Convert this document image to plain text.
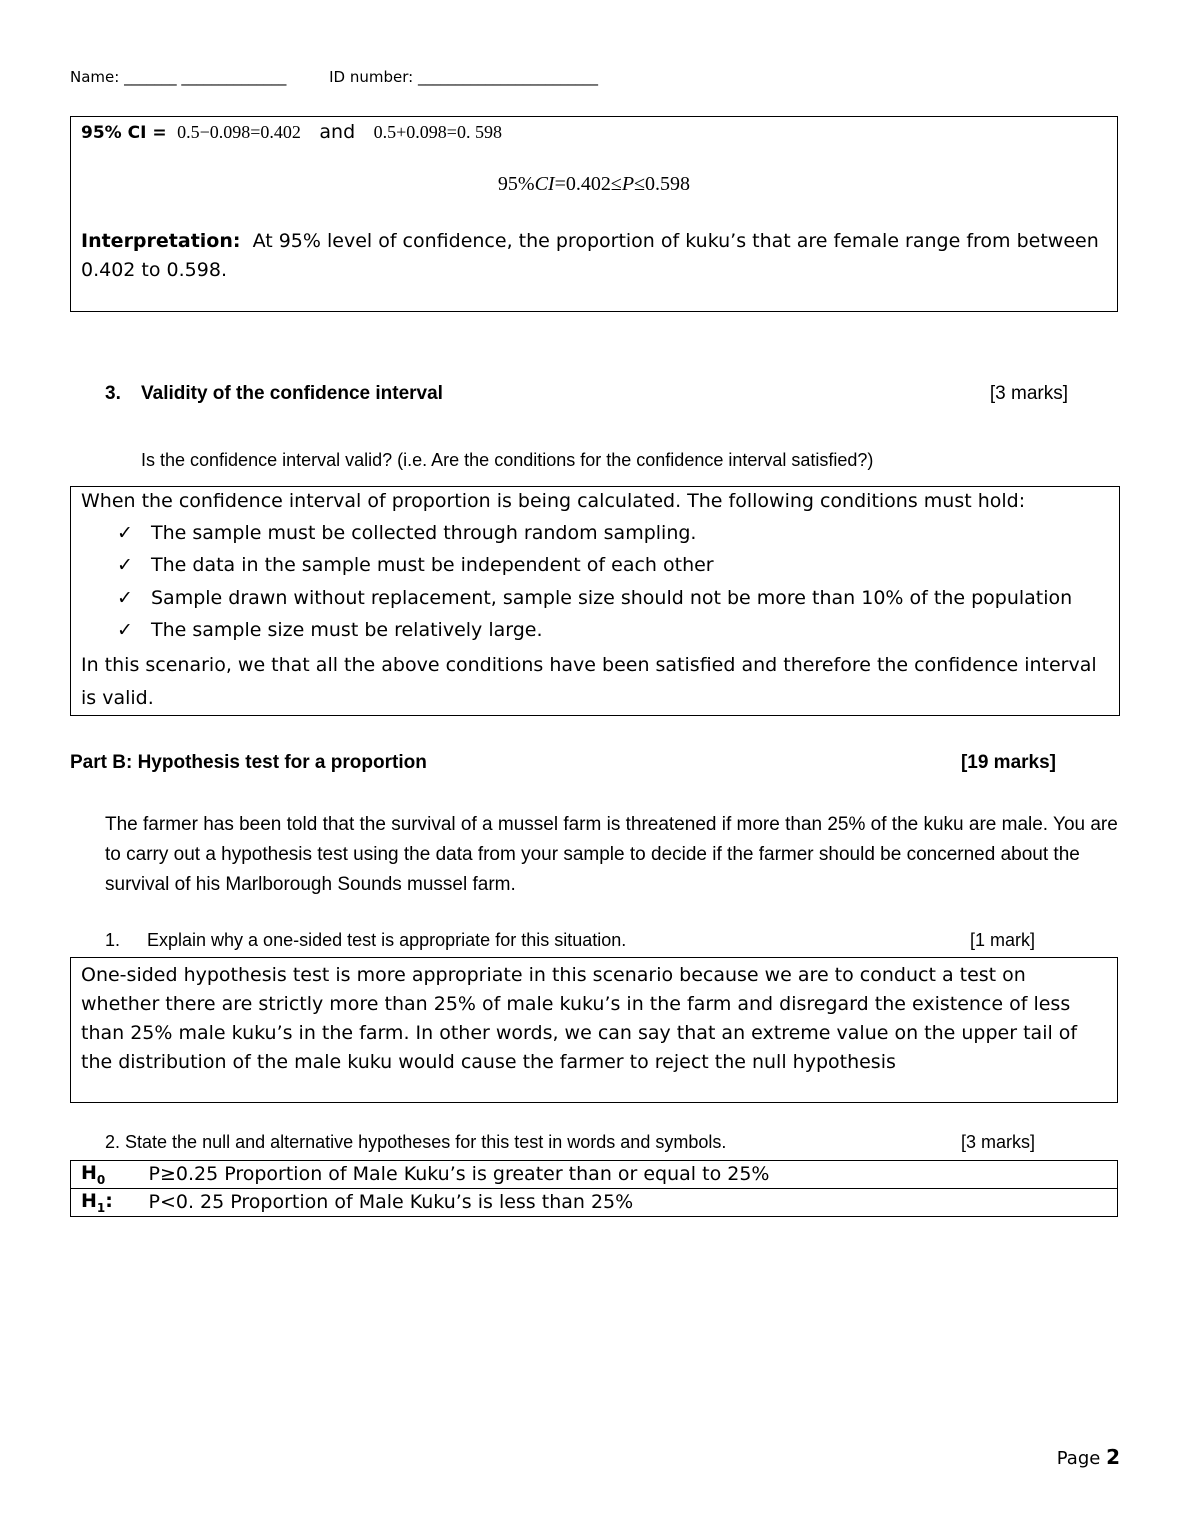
Name: _______ ______________	ID number: ________________________
95% CI = 0.5−0.098=0.402 and 0.5+0.098=0. 598
95%CI=0.402≤P≤0.598
Interpretation: At 95% level of confidence, the proportion of kuku’s that are female range from between 0.402 to 0.598.
3. Validity of the confidence interval	[3 marks]
Is the confidence interval valid? (i.e. Are the conditions for the confidence interval satisfied?)
When the confidence interval of proportion is being calculated. The following conditions must hold:
✓ The sample must be collected through random sampling.
✓ The data in the sample must be independent of each other
✓ Sample drawn without replacement, sample size should not be more than 10% of the population
✓ The sample size must be relatively large.
In this scenario, we that all the above conditions have been satisfied and therefore the confidence interval is valid.
Part B: Hypothesis test for a proportion	[19 marks]
The farmer has been told that the survival of a mussel farm is threatened if more than 25% of the kuku are male. You are to carry out a hypothesis test using the data from your sample to decide if the farmer should be concerned about the survival of his Marlborough Sounds mussel farm.
1. Explain why a one-sided test is appropriate for this situation.	[1 mark]
One-sided hypothesis test is more appropriate in this scenario because we are to conduct a test on whether there are strictly more than 25% of male kuku’s in the farm and disregard the existence of less than 25% male kuku’s in the farm. In other words, we can say that an extreme value on the upper tail of the distribution of the male kuku would cause the farmer to reject the null hypothesis
2. State the null and alternative hypotheses for this test in words and symbols.	[3 marks]
$H_0$	P≥0.25 Proportion of Male Kuku’s is greater than or equal to 25%
$H_1$:	P<0. 25 Proportion of Male Kuku’s is less than 25%
Page 2
